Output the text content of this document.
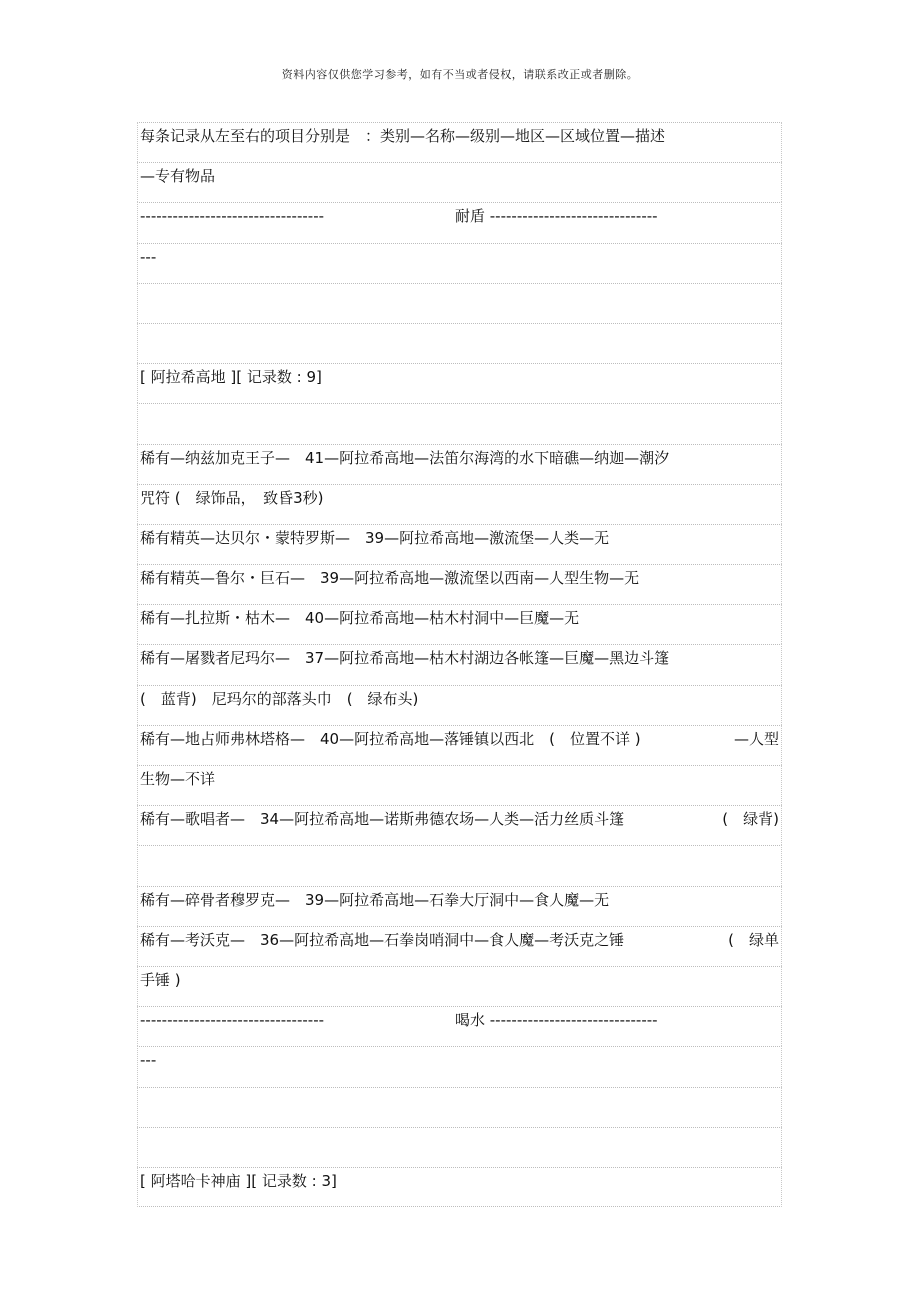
资料内容仅供您学习参考，如有不当或者侵权，请联系改正或者删除。
每条记录从左至右的项目分别是　：类别—名称—级别—地区—区域位置—描述
—专有物品
----------------------------------	耐盾 -------------------------------
---
[ 阿拉希高地 ][ 记录数 : 9]
稀有—纳兹加克王子—　41—阿拉希高地—法笛尔海湾的水下暗礁—纳迦—潮汐
咒符 (　绿饰品，　致昏3秒)
稀有精英—达贝尔・蒙特罗斯—　39—阿拉希高地—激流堡—人类—无
稀有精英—鲁尔・巨石—　39—阿拉希高地—激流堡以西南—人型生物—无
稀有—扎拉斯・枯木—　40—阿拉希高地—枯木村洞中—巨魔—无
稀有—屠戮者尼玛尔—　37—阿拉希高地—枯木村湖边各帐篷—巨魔—黑边斗篷
(　蓝背)　尼玛尔的部落头巾　(　绿布头)
稀有—地占师弗林塔格—　40—阿拉希高地—落锤镇以西北　(　位置不详 )	—人型
生物—不详
稀有—歌唱者—　34—阿拉希高地—诺斯弗德农场—人类—活力丝质斗篷	(　绿背)
稀有—碎骨者穆罗克—　39—阿拉希高地—石拳大厅洞中—食人魔—无
稀有—考沃克—　36—阿拉希高地—石拳岗哨洞中—食人魔—考沃克之锤	(　绿单
手锤 )
----------------------------------	喝水 -------------------------------
---
[ 阿塔哈卡神庙 ][ 记录数 : 3]
